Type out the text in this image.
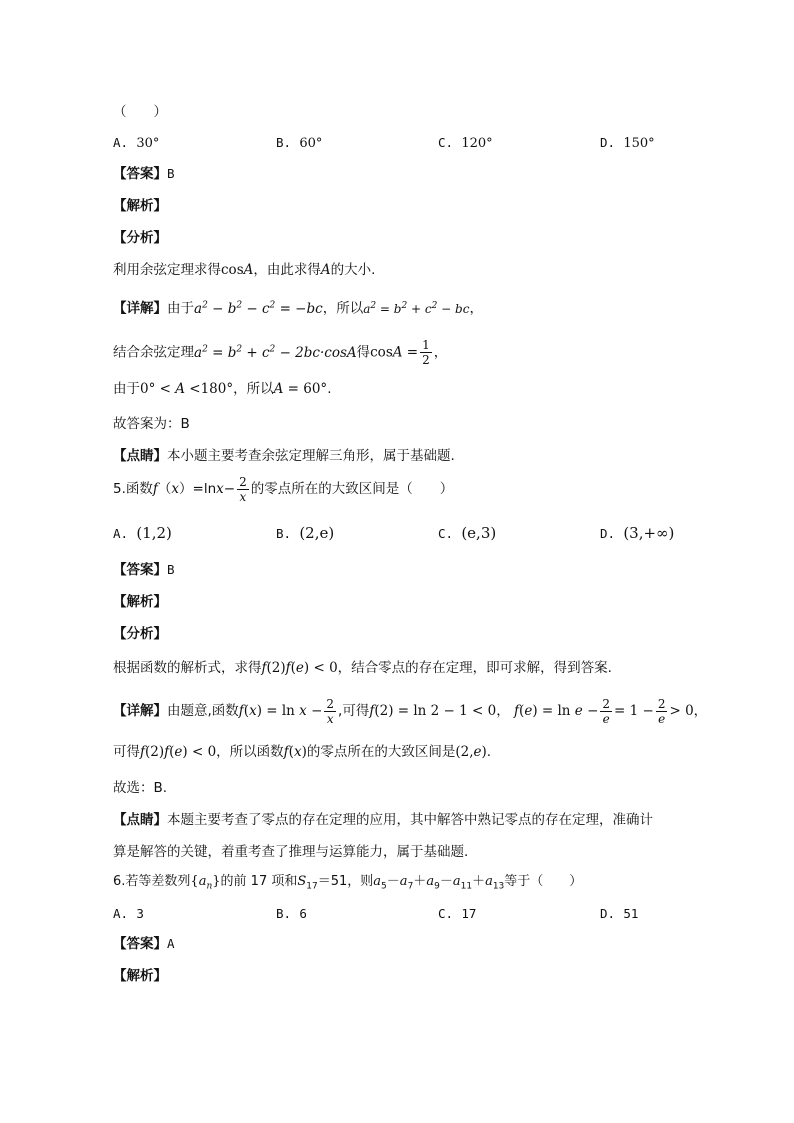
（　　）
A. 30°	B. 60°	C. 120°	D. 150°
【答案】B
【解析】
【分析】
利用余弦定理求得cosA，由此求得A的大小.
【详解】由于$a^2 - b^2 - c^2 = -bc$，所以$a^2 = b^2 + c^2$ − bc，
结合余弦定理$a^2 = b^2 + c^2 - 2bc\cdot\cos A$得$\cos A = \frac{1}{2}$ ，
由于0° < A <180°，所以A = 60°.
故答案为：B
【点睛】本小题主要考查余弦定理解三角形，属于基础题.
5.函数$f(x)=\ln x- \frac{2}{x}$ 的零点所在的大致区间是（　　）
A. (1,2)	B. (2,e)	C. (e,3)	D. (3,+∞)
【答案】B
【解析】
【分析】
根据函数的解析式，求得f(2)f(e) < 0，结合零点的存在定理，即可求解，得到答案.
【详解】由题意,函数$f(x) = \ln x - \frac{2}{x}$ ,可得f(2) = ln 2 − 1 < 0， $f(e) = \ln e - \frac{2}{e} = 1 - \frac{2}{e} > 0$，
可得f(2)f(e) < 0，所以函数f(x)的零点所在的大致区间是(2,e).
故选：B.
【点睛】本题主要考查了零点的存在定理的应用，其中解答中熟记零点的存在定理，准确计
算是解答的关键，着重考查了推理与运算能力，属于基础题.
6.若等差数列$\{a_n\}$的前 17 项和$S_{17}=51$，则$a_5-a_7+a_9-a_{11}+a_{13}$等于（　　）
A. 3	B. 6	C. 17	D. 51
【答案】A
【解析】
